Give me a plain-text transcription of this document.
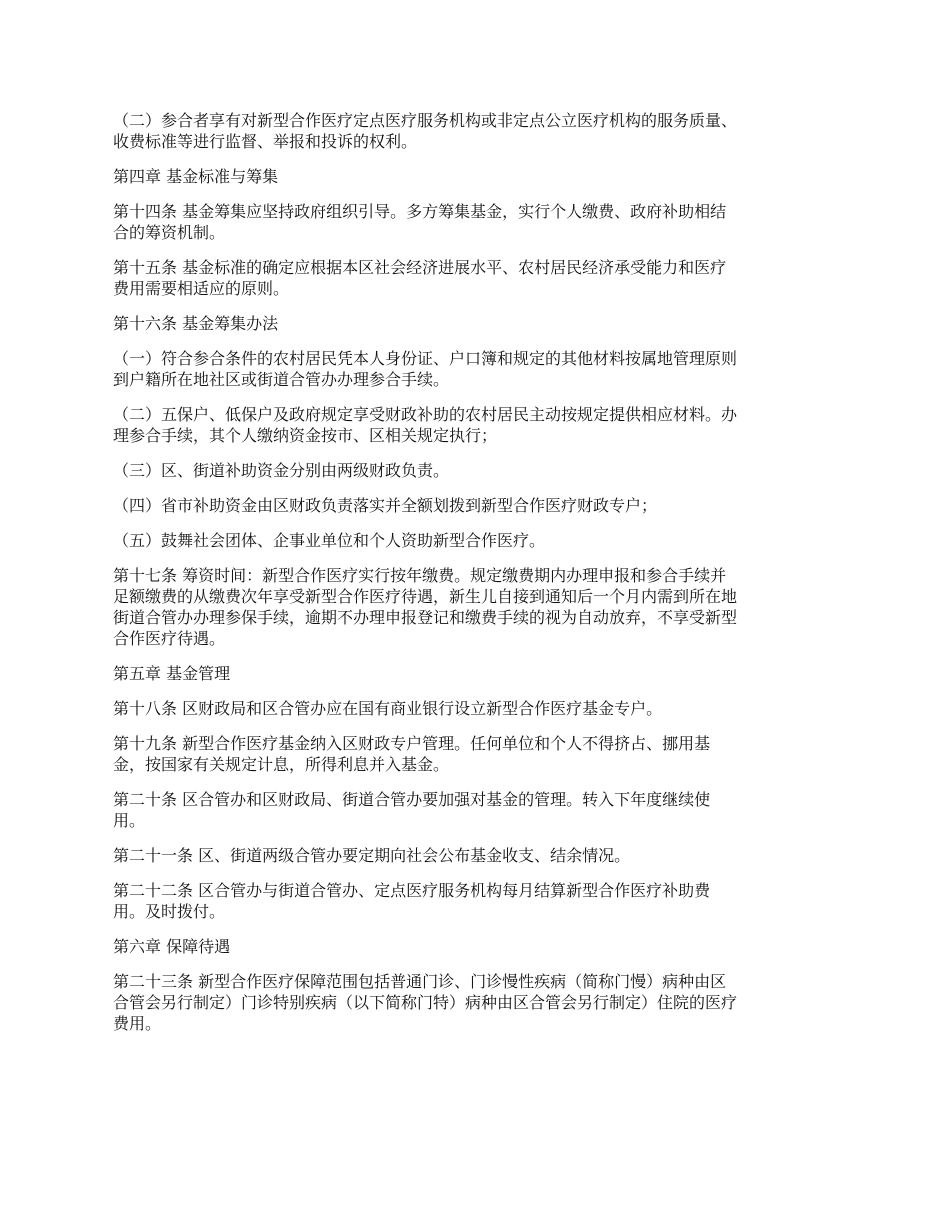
（二）参合者享有对新型合作医疗定点医疗服务机构或非定点公立医疗机构的服务质量、
收费标准等进行监督、举报和投诉的权利。
第四章 基金标准与筹集
第十四条 基金筹集应坚持政府组织引导。多方筹集基金，实行个人缴费、政府补助相结
合的筹资机制。
第十五条 基金标准的确定应根据本区社会经济进展水平、农村居民经济承受能力和医疗
费用需要相适应的原则。
第十六条 基金筹集办法
（一）符合参合条件的农村居民凭本人身份证、户口簿和规定的其他材料按属地管理原则
到户籍所在地社区或街道合管办办理参合手续。
（二）五保户、低保户及政府规定享受财政补助的农村居民主动按规定提供相应材料。办
理参合手续，其个人缴纳资金按市、区相关规定执行；
（三）区、街道补助资金分别由两级财政负责。
（四）省市补助资金由区财政负责落实并全额划拨到新型合作医疗财政专户；
（五）鼓舞社会团体、企事业单位和个人资助新型合作医疗。
第十七条 筹资时间：新型合作医疗实行按年缴费。规定缴费期内办理申报和参合手续并
足额缴费的从缴费次年享受新型合作医疗待遇，新生儿自接到通知后一个月内需到所在地
街道合管办办理参保手续，逾期不办理申报登记和缴费手续的视为自动放弃，不享受新型
合作医疗待遇。
第五章 基金管理
第十八条 区财政局和区合管办应在国有商业银行设立新型合作医疗基金专户。
第十九条 新型合作医疗基金纳入区财政专户管理。任何单位和个人不得挤占、挪用基
金，按国家有关规定计息，所得利息并入基金。
第二十条 区合管办和区财政局、街道合管办要加强对基金的管理。转入下年度继续使
用。
第二十一条 区、街道两级合管办要定期向社会公布基金收支、结余情况。
第二十二条 区合管办与街道合管办、定点医疗服务机构每月结算新型合作医疗补助费
用。及时拨付。
第六章 保障待遇
第二十三条 新型合作医疗保障范围包括普通门诊、门诊慢性疾病（简称门慢）病种由区
合管会另行制定）门诊特别疾病（以下简称门特）病种由区合管会另行制定）住院的医疗
费用。
